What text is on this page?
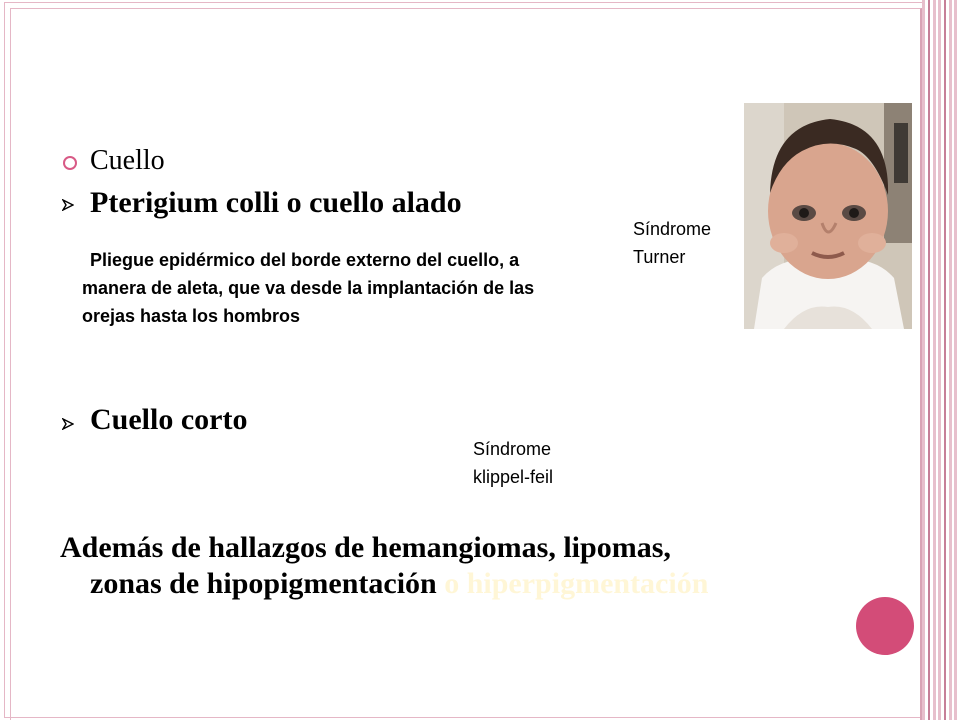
Cuello
Pterigium colli o cuello alado
Pliegue epidérmico del borde externo del cuello, a manera de aleta, que va desde la implantación de las orejas hasta los hombros
Cuello corto
Síndrome
klippel-feil
Síndrome
Turner
Además de hallazgos de hemangiomas, lipomas,
zonas de hipopigmentación o hiperpigmentación
